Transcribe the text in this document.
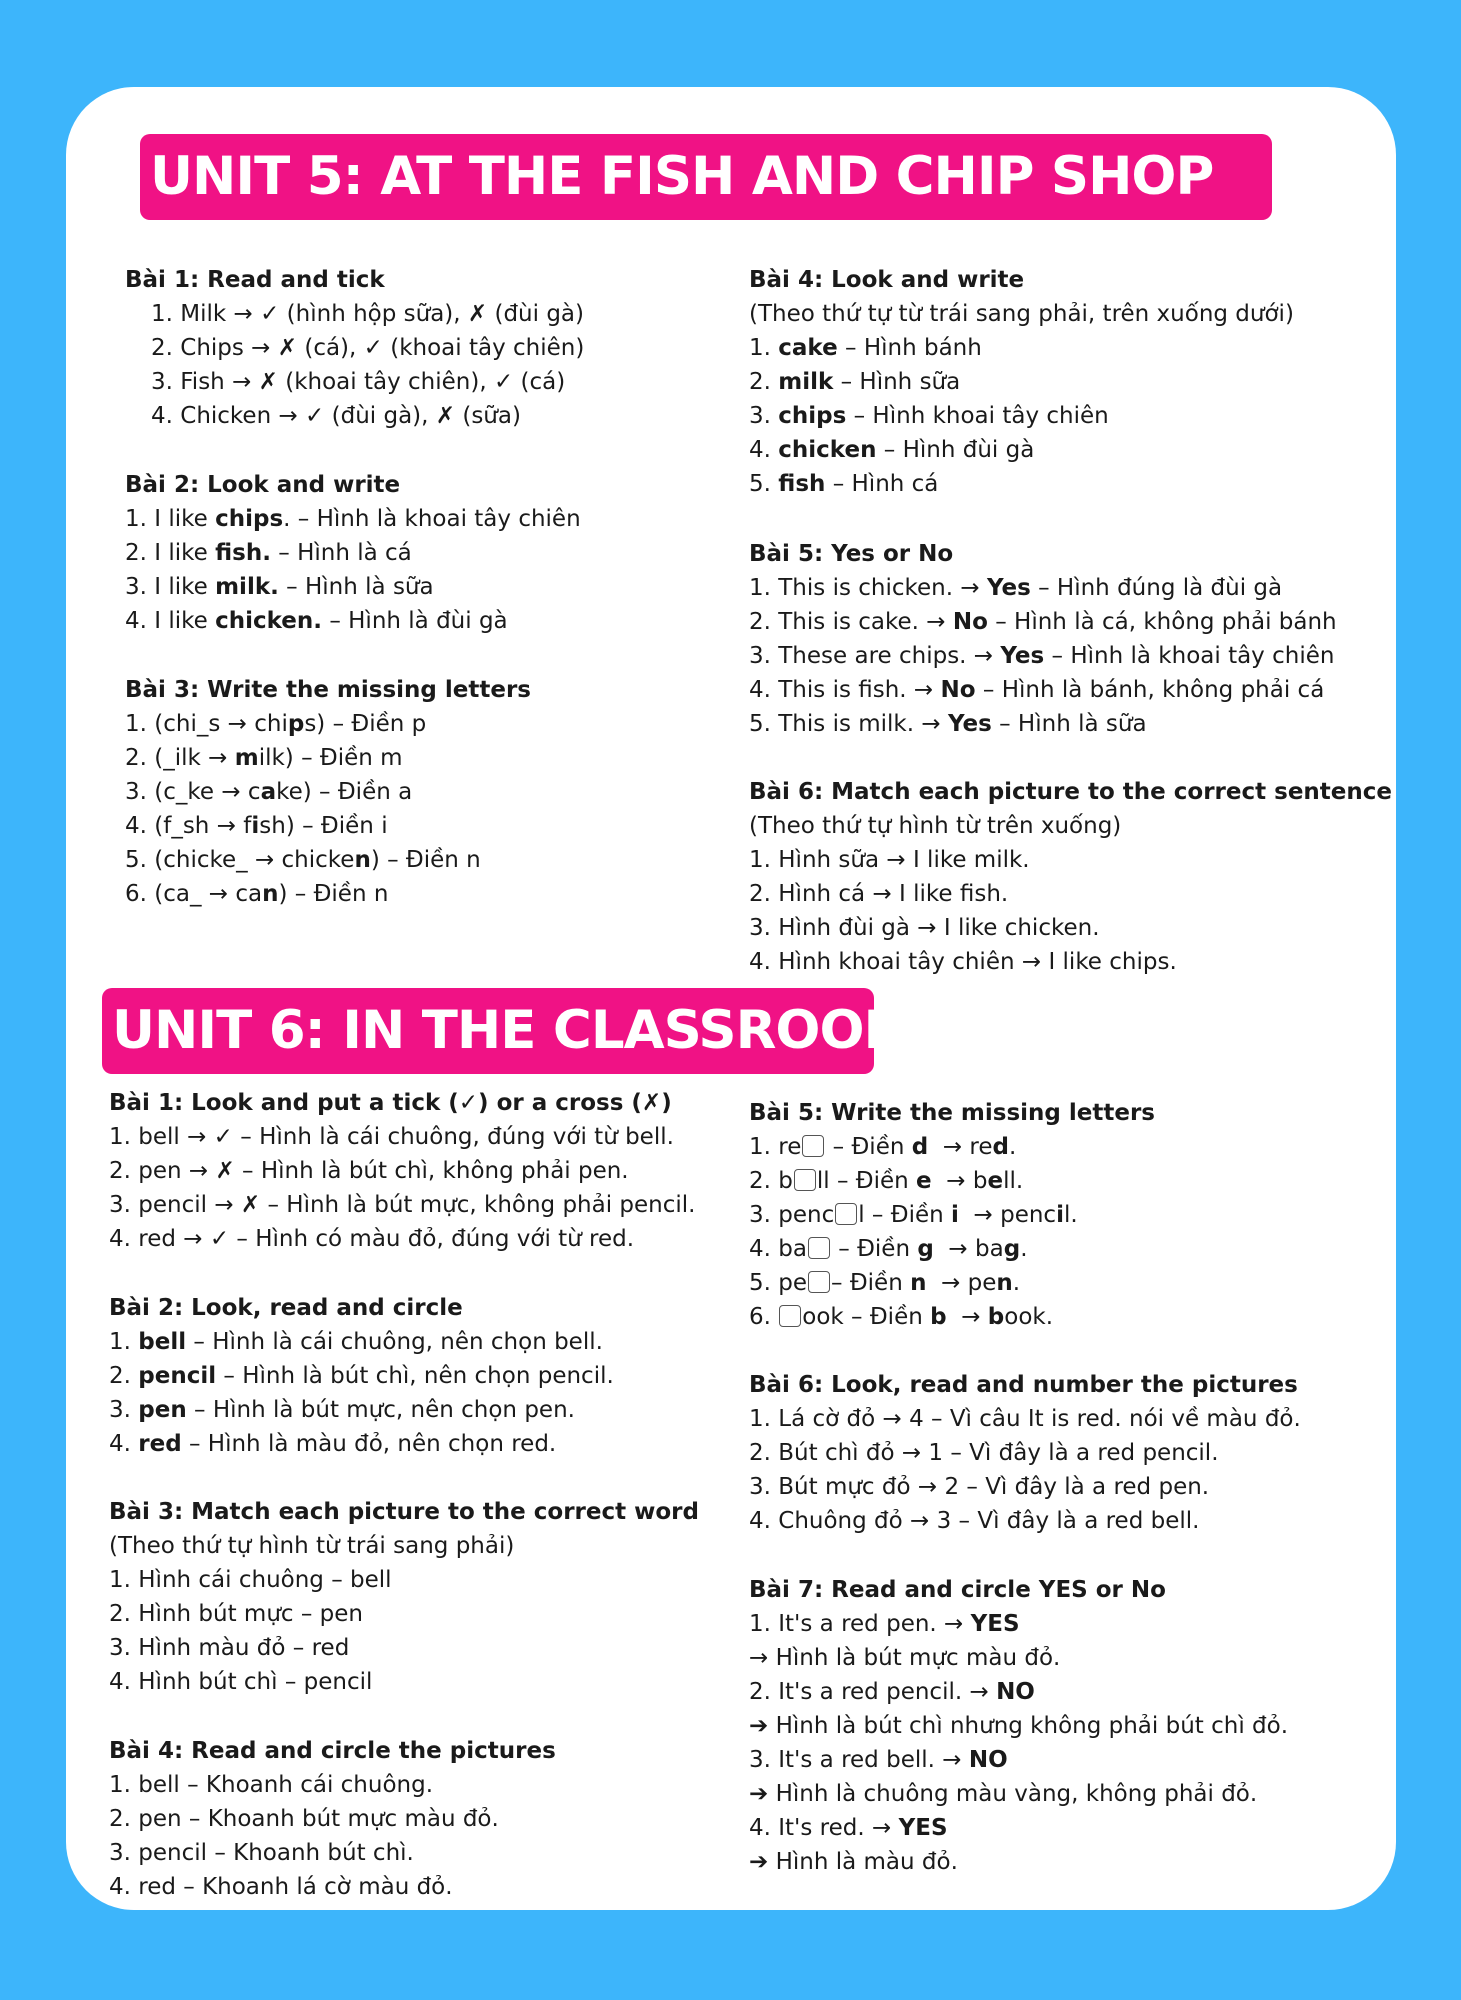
UNIT 5: AT THE FISH AND CHIP SHOP
Bài 1: Read and tick
1. Milk → ✓ (hình hộp sữa), ✗ (đùi gà)
2. Chips → ✗ (cá), ✓ (khoai tây chiên)
3. Fish → ✗ (khoai tây chiên), ✓ (cá)
4. Chicken → ✓ (đùi gà), ✗ (sữa)
Bài 2: Look and write
1. I like chips. – Hình là khoai tây chiên
2. I like fish. – Hình là cá
3. I like milk. – Hình là sữa
4. I like chicken. – Hình là đùi gà
Bài 3: Write the missing letters
1. (chi_s → chips) – Điền p
2. (_ilk → milk) – Điền m
3. (c_ke → cake) – Điền a
4. (f_sh → fish) – Điền i
5. (chicke_ → chicken) – Điền n
6. (ca_ → can) – Điền n
Bài 4: Look and write
(Theo thứ tự từ trái sang phải, trên xuống dưới)
1. cake – Hình bánh
2. milk – Hình sữa
3. chips – Hình khoai tây chiên
4. chicken – Hình đùi gà
5. fish – Hình cá
Bài 5: Yes or No
1. This is chicken. → Yes – Hình đúng là đùi gà
2. This is cake. → No – Hình là cá, không phải bánh
3. These are chips. → Yes – Hình là khoai tây chiên
4. This is fish. → No – Hình là bánh, không phải cá
5. This is milk. → Yes – Hình là sữa
Bài 6: Match each picture to the correct sentence
(Theo thứ tự hình từ trên xuống)
1. Hình sữa → I like milk.
2. Hình cá → I like fish.
3. Hình đùi gà → I like chicken.
4. Hình khoai tây chiên → I like chips.
UNIT 6: IN THE CLASSROOM
Bài 1: Look and put a tick (✓) or a cross (✗)
1. bell → ✓ – Hình là cái chuông, đúng với từ bell.
2. pen → ✗ – Hình là bút chì, không phải pen.
3. pencil → ✗ – Hình là bút mực, không phải pencil.
4. red → ✓ – Hình có màu đỏ, đúng với từ red.
Bài 2: Look, read and circle
1. bell – Hình là cái chuông, nên chọn bell.
2. pencil – Hình là bút chì, nên chọn pencil.
3. pen – Hình là bút mực, nên chọn pen.
4. red – Hình là màu đỏ, nên chọn red.
Bài 3: Match each picture to the correct word
(Theo thứ tự hình từ trái sang phải)
1. Hình cái chuông – bell
2. Hình bút mực – pen
3. Hình màu đỏ – red
4. Hình bút chì – pencil
Bài 4: Read and circle the pictures
1. bell – Khoanh cái chuông.
2. pen – Khoanh bút mực màu đỏ.
3. pencil – Khoanh bút chì.
4. red – Khoanh lá cờ màu đỏ.
Bài 5: Write the missing letters
1. re – Điền d  → red.
2. b ll – Điền e  → bell.
3. penc l – Điền i  → pencil.
4. ba – Điền g  → bag.
5. pe – Điền n  → pen.
6. ook – Điền b  → book.
Bài 6: Look, read and number the pictures
1. Lá cờ đỏ → 4 – Vì câu It is red. nói về màu đỏ.
2. Bút chì đỏ → 1 – Vì đây là a red pencil.
3. Bút mực đỏ → 2 – Vì đây là a red pen.
4. Chuông đỏ → 3 – Vì đây là a red bell.
Bài 7: Read and circle YES or No
1. It's a red pen. → YES
→ Hình là bút mực màu đỏ.
2. It's a red pencil. → NO
➔ Hình là bút chì nhưng không phải bút chì đỏ.
3. It's a red bell. → NO
➔ Hình là chuông màu vàng, không phải đỏ.
4. It's red. → YES
➔ Hình là màu đỏ.
